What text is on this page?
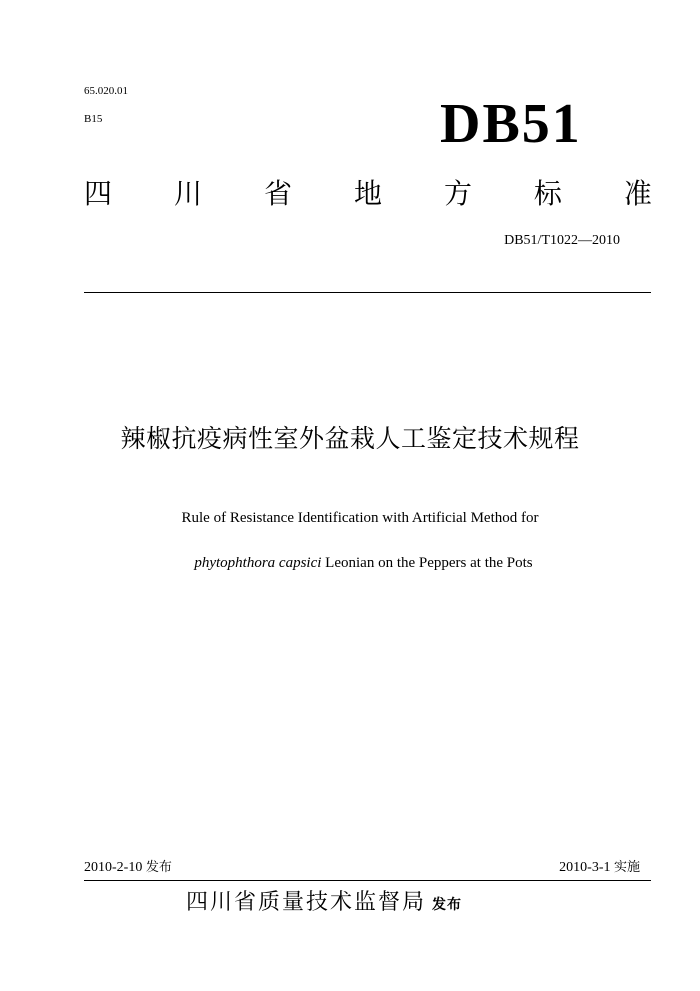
65.020.01
B15	DB51
四 川 省 地 方 标 准
DB51/T1022—2010
辣椒抗疫病性室外盆栽人工鉴定技术规程
Rule of Resistance Identification with Artificial Method for
phytophthora capsici Leonian on the Peppers at the Pots
2010-2-10 发布	2010-3-1 实施
四川省质量技术监督局 发布
